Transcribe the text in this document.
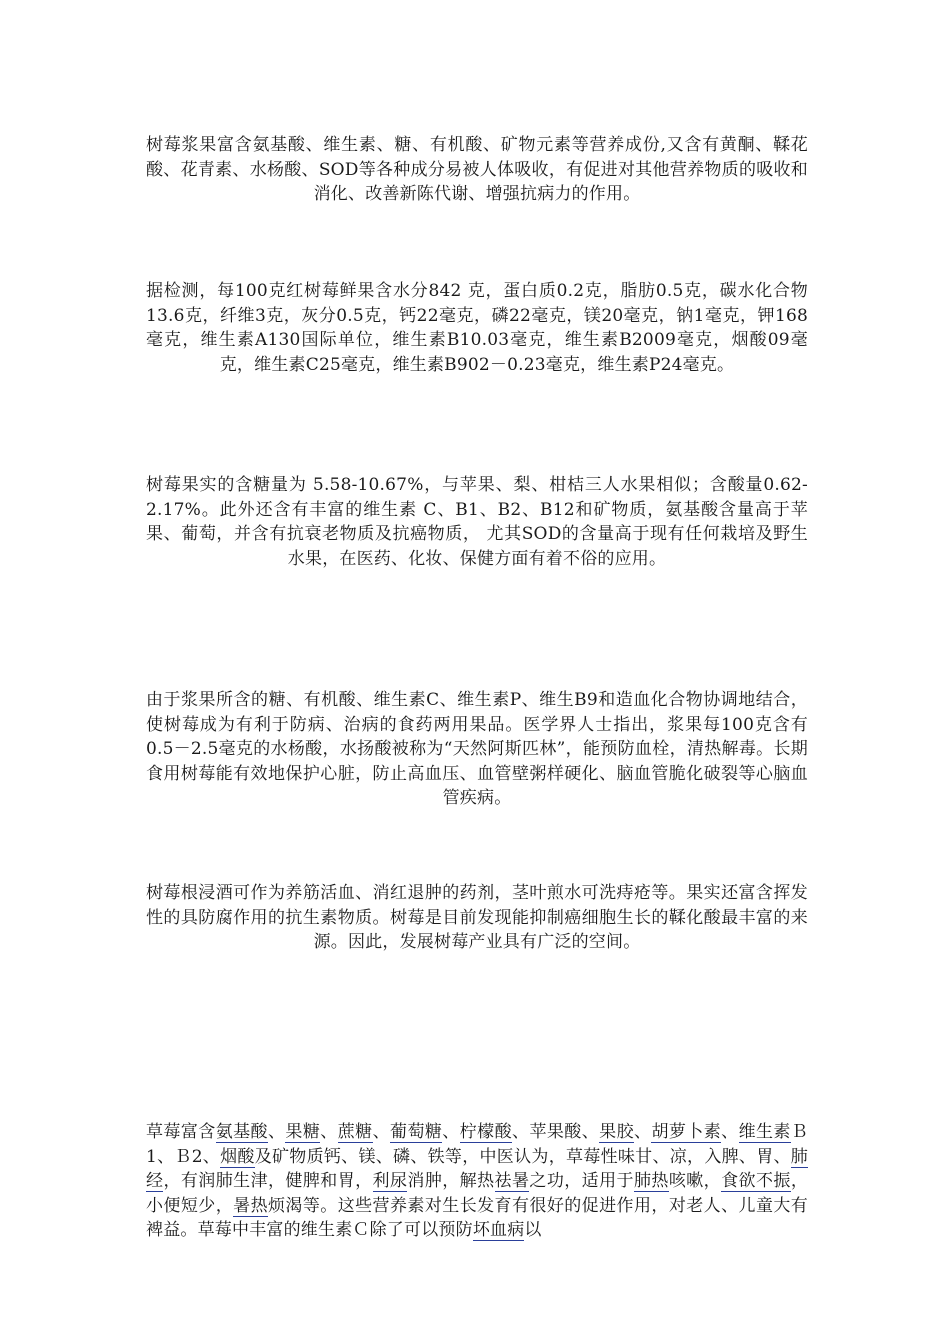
树莓浆果富含氨基酸、维生素、糖、有机酸、矿物元素等营养成份,又含有黄酮、鞣花酸、花青素、水杨酸、SOD等各种成分易被人体吸收，有促进对其他营养物质的吸收和消化、改善新陈代谢、增强抗病力的作用。

据检测，每100克红树莓鲜果含水分842 克，蛋白质0.2克，脂肪0.5克，碳水化合物13.6克，纤维3克，灰分0.5克，钙22毫克，磷22毫克，镁20毫克，钠1毫克，钾168毫克，维生素A130国际单位，维生素B10.03毫克，维生素B2009毫克，烟酸09毫克，维生素C25毫克，维生素B902－0.23毫克，维生素P24毫克。

树莓果实的含糖量为 5.58-10.67%，与苹果、梨、柑桔三人水果相似；含酸量0.62-2.17%。此外还含有丰富的维生素 C、B1、B2、B12和矿物质，氨基酸含量高于苹果、葡萄，并含有抗衰老物质及抗癌物质， 尤其SOD的含量高于现有任何栽培及野生水果，在医药、化妆、保健方面有着不俗的应用。

由于浆果所含的糖、有机酸、维生素C、维生素P、维生B9和造血化合物协调地结合，使树莓成为有利于防病、治病的食药两用果品。医学界人士指出，浆果每100克含有0.5－2.5毫克的水杨酸，水扬酸被称为“天然阿斯匹林”，能预防血栓，清热解毒。长期食用树莓能有效地保护心脏，防止高血压、血管壁粥样硬化、脑血管脆化破裂等心脑血管疾病。

树莓根浸酒可作为养筋活血、消红退肿的药剂，茎叶煎水可洗痔疮等。果实还富含挥发性的具防腐作用的抗生素物质。树莓是目前发现能抑制癌细胞生长的鞣化酸最丰富的来源。因此，发展树莓产业具有广泛的空间。

草莓富含氨基酸、果糖、蔗糖、葡萄糖、柠檬酸、苹果酸、果胶、胡萝卜素、维生素Ｂ1、Ｂ2、烟酸及矿物质钙、镁、磷、铁等，中医认为，草莓性味甘、凉，入脾、胃、肺经，有润肺生津，健脾和胃，利尿消肿，解热祛暑之功，适用于肺热咳嗽，食欲不振，小便短少，暑热烦渴等。这些营养素对生长发育有很好的促进作用，对老人、儿童大有裨益。草莓中丰富的维生素Ｃ除了可以预防坏血病以
